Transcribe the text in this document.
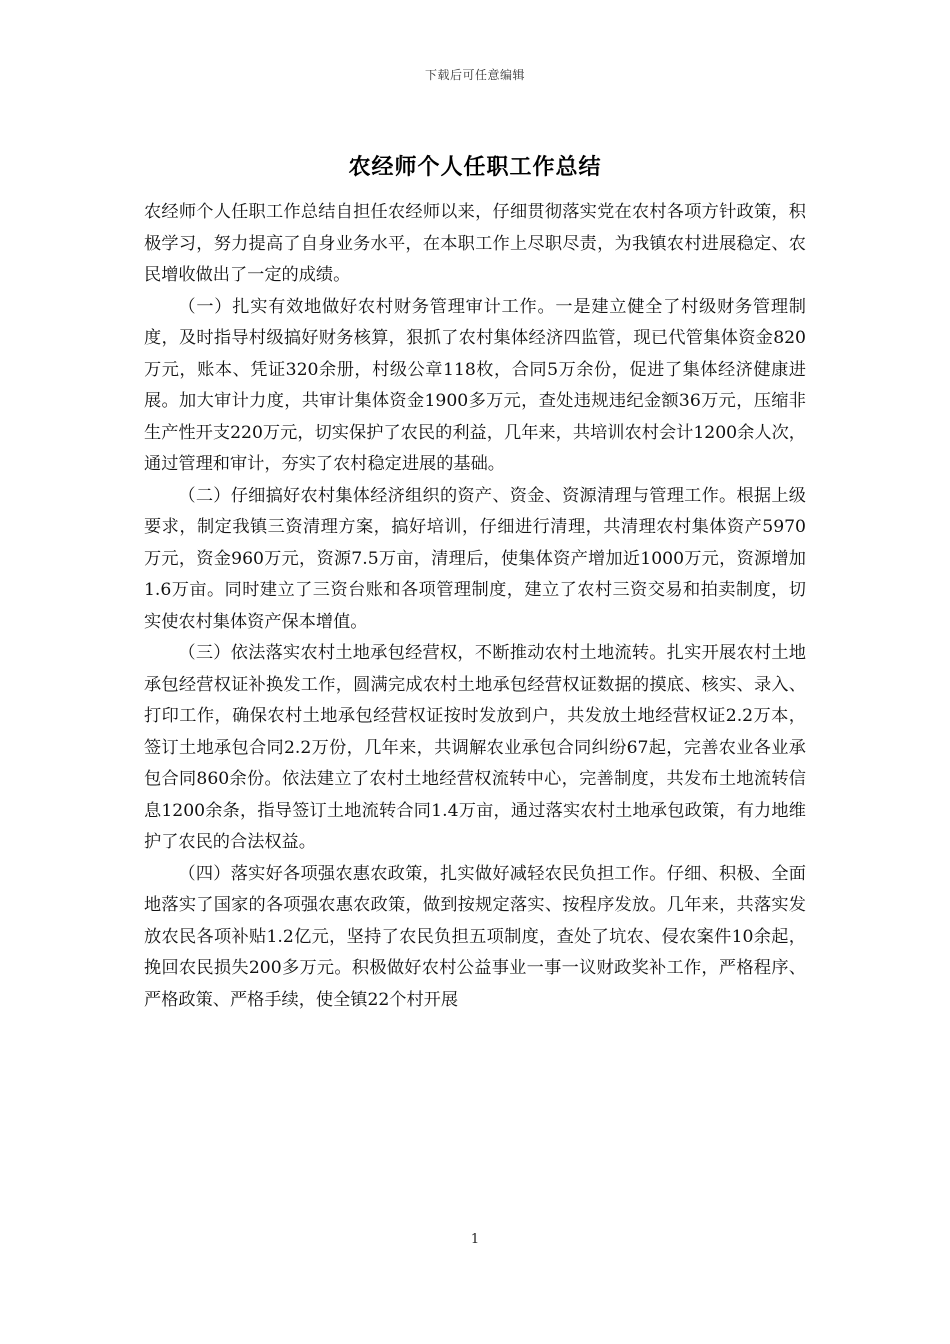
下载后可任意编辑
农经师个人任职工作总结

农经师个人任职工作总结自担任农经师以来，仔细贯彻落实党在农村各项方针政策，积极学习，努力提高了自身业务水平，在本职工作上尽职尽责，为我镇农村进展稳定、农民增收做出了一定的成绩。

（一）扎实有效地做好农村财务管理审计工作。一是建立健全了村级财务管理制度，及时指导村级搞好财务核算，狠抓了农村集体经济四监管，现已代管集体资金820万元，账本、凭证320余册，村级公章118枚，合同5万余份，促进了集体经济健康进展。加大审计力度，共审计集体资金1900多万元，查处违规违纪金额36万元，压缩非生产性开支220万元，切实保护了农民的利益，几年来，共培训农村会计1200余人次，通过管理和审计，夯实了农村稳定进展的基础。

（二）仔细搞好农村集体经济组织的资产、资金、资源清理与管理工作。根据上级要求，制定我镇三资清理方案，搞好培训，仔细进行清理，共清理农村集体资产5970万元，资金960万元，资源7.5万亩，清理后，使集体资产增加近1000万元，资源增加1.6万亩。同时建立了三资台账和各项管理制度，建立了农村三资交易和拍卖制度，切实使农村集体资产保本增值。

（三）依法落实农村土地承包经营权，不断推动农村土地流转。扎实开展农村土地承包经营权证补换发工作，圆满完成农村土地承包经营权证数据的摸底、核实、录入、打印工作，确保农村土地承包经营权证按时发放到户，共发放土地经营权证2.2万本，签订土地承包合同2.2万份，几年来，共调解农业承包合同纠纷67起，完善农业各业承包合同860余份。依法建立了农村土地经营权流转中心，完善制度，共发布土地流转信息1200余条，指导签订土地流转合同1.4万亩，通过落实农村土地承包政策，有力地维护了农民的合法权益。

（四）落实好各项强农惠农政策，扎实做好减轻农民负担工作。仔细、积极、全面地落实了国家的各项强农惠农政策，做到按规定落实、按程序发放。几年来，共落实发放农民各项补贴1.2亿元，坚持了农民负担五项制度，查处了坑农、侵农案件10余起，挽回农民损失200多万元。积极做好农村公益事业一事一议财政奖补工作，严格程序、严格政策、严格手续，使全镇22个村开展

1
